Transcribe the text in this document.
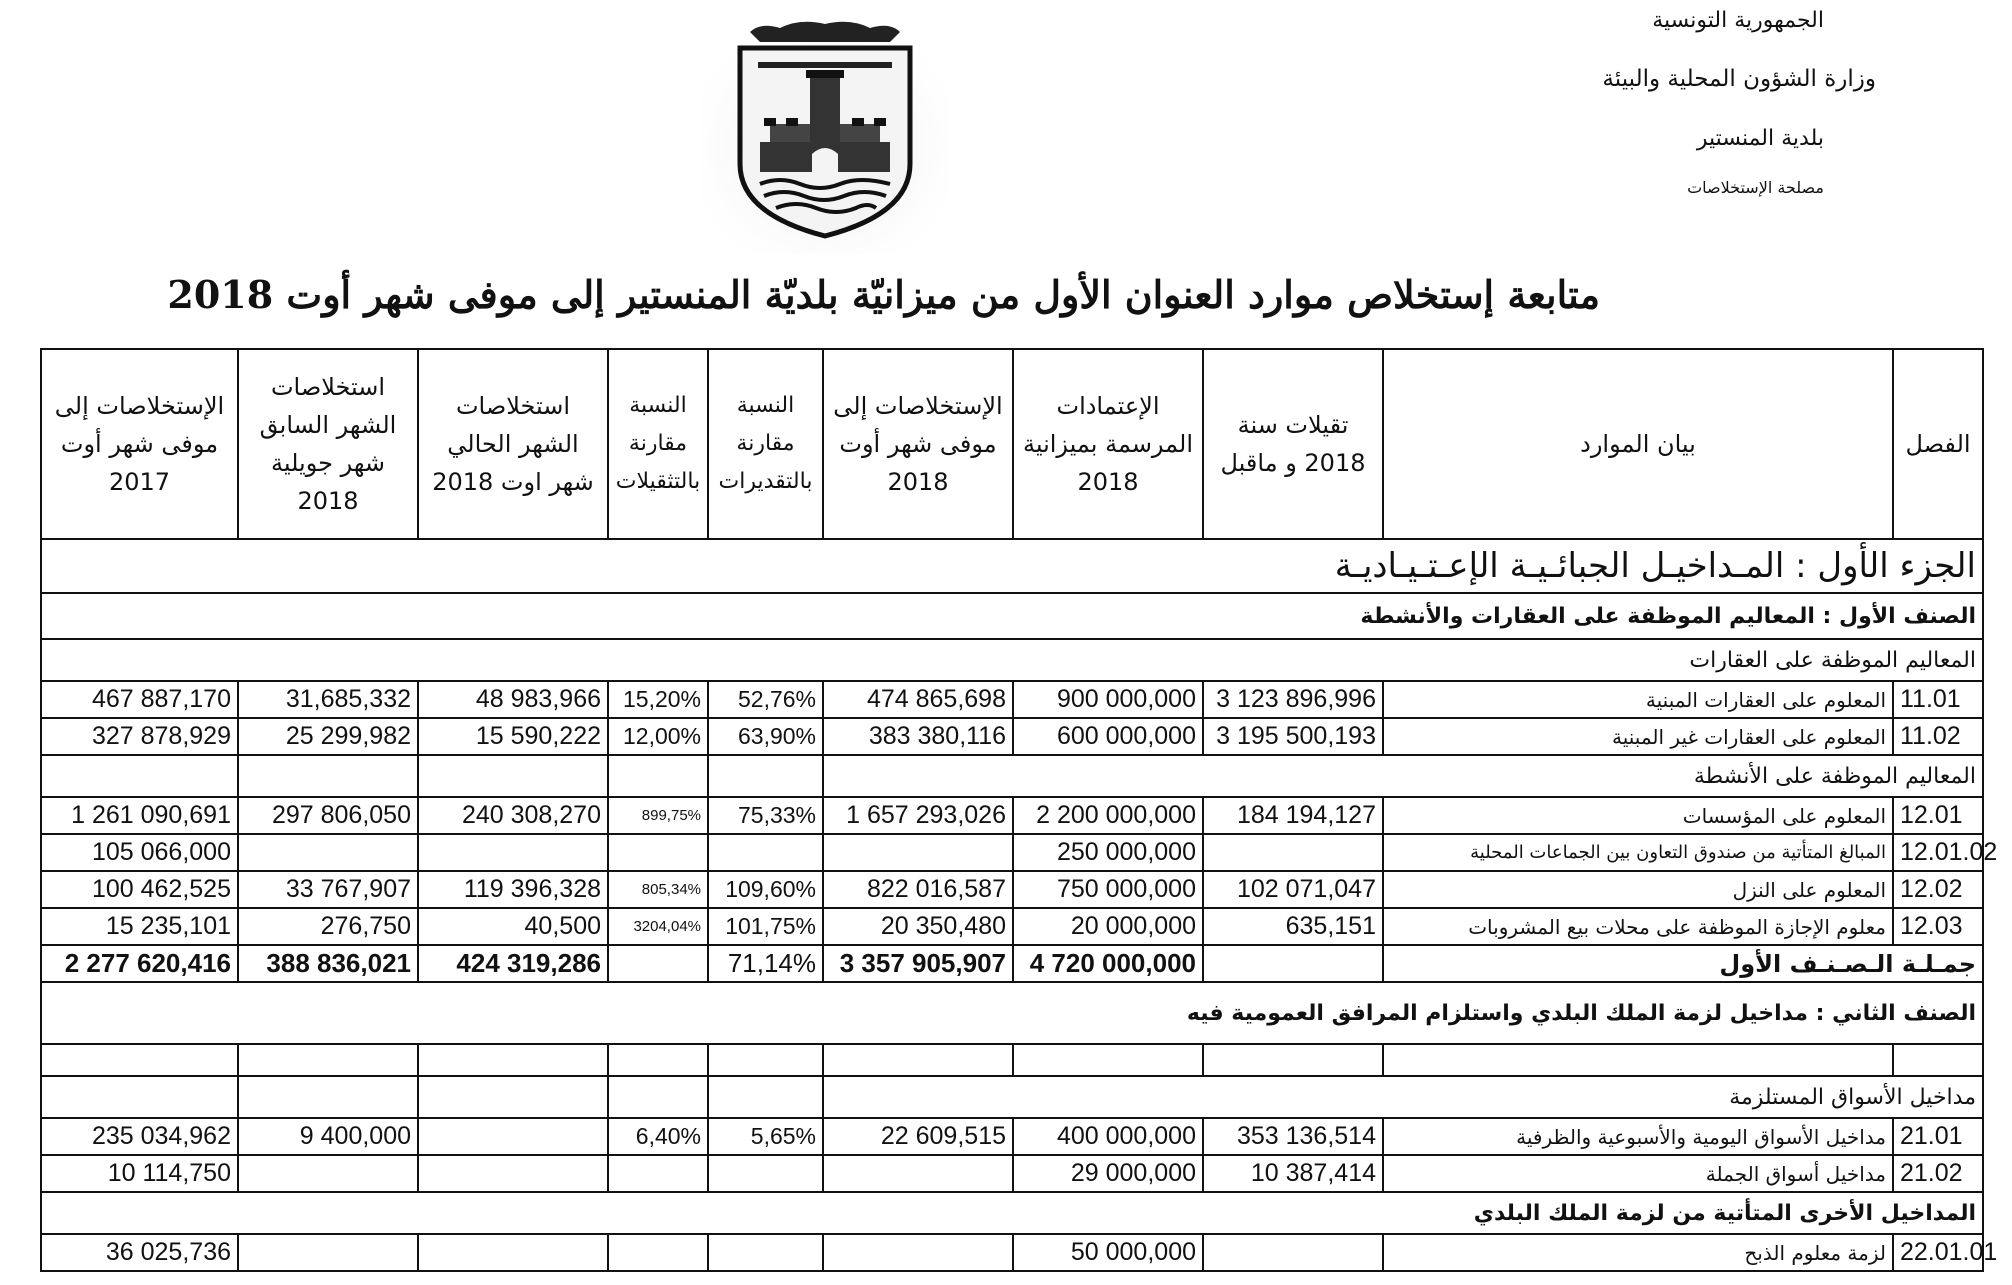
الجمهورية التونسية
وزارة الشؤون المحلية والبيئة
بلدية المنستير
مصلحة الإستخلاصات
متابعة إستخلاص موارد العنوان الأول من ميزانيّة بلديّة المنستير إلى موفى شهر أوت 2018
الفصل	بيان الموارد	تقيلات سنة 2018 و ماقبل	الإعتمادات المرسمة بميزانية 2018	الإستخلاصات إلى موفى شهر أوت 2018	النسبة مقارنة بالتقديرات	النسبة مقارنة بالتثقيلات	استخلاصات الشهر الحالي شهر اوت 2018	استخلاصات الشهر السابق شهر جويلية 2018	الإستخلاصات إلى موفى شهر أوت 2017
الجزء الأول : المـداخيـل الجبائـيـة الإعـتـيـاديـة									
الصنف الأول : المعاليم الموظفة على العقارات والأنشطة									
المعاليم الموظفة على العقارات									
11.01	المعلوم على العقارات المبنية	3 123 896,996	900 000,000	474 865,698	52,76%	15,20%	48 983,966	31,685,332	467 887,170
11.02	المعلوم على العقارات غير المبنية	3 195 500,193	600 000,000	383 380,116	63,90%	12,00%	15 590,222	25 299,982	327 878,929
المعاليم الموظفة على الأنشطة									
12.01	المعلوم على المؤسسات	184 194,127	2 200 000,000	1 657 293,026	75,33%	899,75%	240 308,270	297 806,050	1 261 090,691
12.01.02	المبالغ المتأتية من صندوق التعاون بين الجماعات المحلية		250 000,000						105 066,000
12.02	المعلوم على النزل	102 071,047	750 000,000	822 016,587	109,60%	805,34%	119 396,328	33 767,907	100 462,525
12.03	معلوم الإجازة الموظفة على محلات بيع المشروبات	635,151	20 000,000	20 350,480	101,75%	3204,04%	40,500	276,750	15 235,101
جمـلـة الـصـنـف الأول			4 720 000,000	3 357 905,907	71,14%		424 319,286	388 836,021	2 277 620,416
الصنف الثاني : مداخيل لزمة الملك البلدي واستلزام المرافق العمومية فيه									

مداخيل الأسواق المستلزمة									
21.01	مداخيل الأسواق اليومية والأسبوعية والظرفية	353 136,514	400 000,000	22 609,515	5,65%	6,40%		9 400,000	235 034,962
21.02	مداخيل أسواق الجملة	10 387,414	29 000,000						10 114,750
المداخيل الأخرى المتأتية من لزمة الملك البلدي									
22.01.01	لزمة معلوم الذبح		50 000,000						36 025,736
